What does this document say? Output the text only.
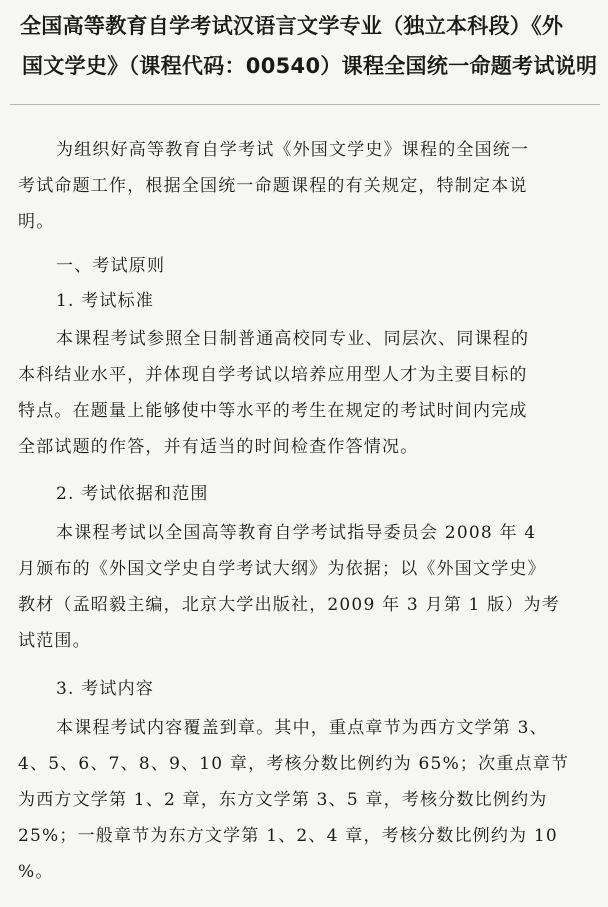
全国高等教育自学考试汉语言文学专业（独立本科段）《外
国文学史》（课程代码：00540）课程全国统一命题考试说明
为组织好高等教育自学考试《外国文学史》课程的全国统一
考试命题工作，根据全国统一命题课程的有关规定，特制定本说
明。
一、考试原则
1. 考试标准
本课程考试参照全日制普通高校同专业、同层次、同课程的
本科结业水平，并体现自学考试以培养应用型人才为主要目标的
特点。在题量上能够使中等水平的考生在规定的考试时间内完成
全部试题的作答，并有适当的时间检查作答情况。
2. 考试依据和范围
本课程考试以全国高等教育自学考试指导委员会 2008 年 4
月颁布的《外国文学史自学考试大纲》为依据；以《外国文学史》
教材（孟昭毅主编，北京大学出版社，2009 年 3 月第 1 版）为考
试范围。
3. 考试内容
本课程考试内容覆盖到章。其中，重点章节为西方文学第 3、
4、5、6、7、8、9、10 章，考核分数比例约为 65%；次重点章节
为西方文学第 1、2 章，东方文学第 3、5 章，考核分数比例约为
25%；一般章节为东方文学第 1、2、4 章，考核分数比例约为 10
%。
